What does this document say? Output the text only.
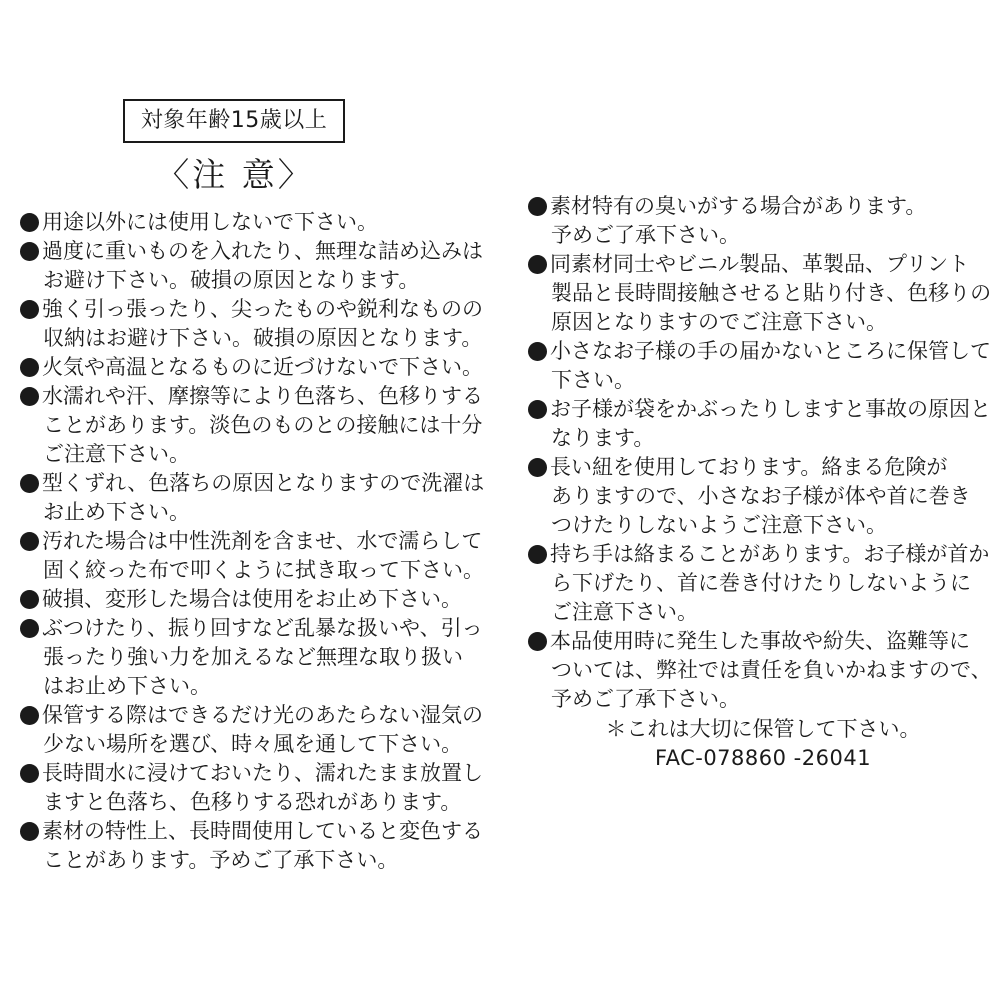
対象年齢15歳以上
〈注 意〉
用途以外には使用しないで下さい。
過度に重いものを入れたり、無理な詰め込みは
お避け下さい。破損の原因となります。
強く引っ張ったり、尖ったものや鋭利なものの
収納はお避け下さい。破損の原因となります。
火気や高温となるものに近づけないで下さい。
水濡れや汗、摩擦等により色落ち、色移りする
ことがあります。淡色のものとの接触には十分
ご注意下さい。
型くずれ、色落ちの原因となりますので洗濯は
お止め下さい。
汚れた場合は中性洗剤を含ませ、水で濡らして
固く絞った布で叩くように拭き取って下さい。
破損、変形した場合は使用をお止め下さい。
ぶつけたり、振り回すなど乱暴な扱いや、引っ
張ったり強い力を加えるなど無理な取り扱い
はお止め下さい。
保管する際はできるだけ光のあたらない湿気の
少ない場所を選び、時々風を通して下さい。
長時間水に浸けておいたり、濡れたまま放置し
ますと色落ち、色移りする恐れがあります。
素材の特性上、長時間使用していると変色する
ことがあります。予めご了承下さい。
素材特有の臭いがする場合があります。
予めご了承下さい。
同素材同士やビニル製品、革製品、プリント
製品と長時間接触させると貼り付き、色移りの
原因となりますのでご注意下さい。
小さなお子様の手の届かないところに保管して
下さい。
お子様が袋をかぶったりしますと事故の原因と
なります。
長い紐を使用しております。絡まる危険が
ありますので、小さなお子様が体や首に巻き
つけたりしないようご注意下さい。
持ち手は絡まることがあります。お子様が首か
ら下げたり、首に巻き付けたりしないように
ご注意下さい。
本品使用時に発生した事故や紛失、盗難等に
ついては、弊社では責任を負いかねますので、
予めご了承下さい。
＊これは大切に保管して下さい。
FAC-078860 -26041
